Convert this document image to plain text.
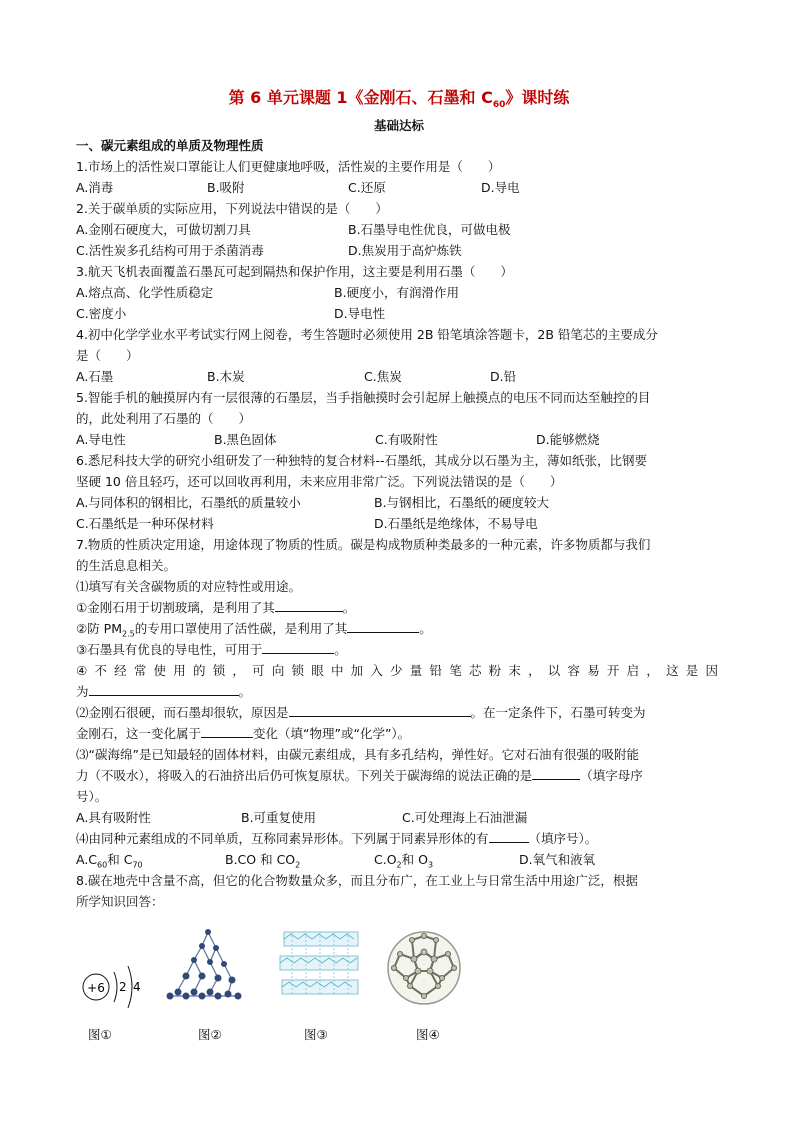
第 6 单元课题 1《金刚石、石墨和 $C_{60}$》课时练
基础达标
一、碳元素组成的单质及物理性质
1.市场上的活性炭口罩能让人们更健康地呼吸，活性炭的主要作用是（　　）
A.消毒	B.吸附	C.还原	D.导电
2.关于碳单质的实际应用，下列说法中错误的是（　　）
A.金刚石硬度大，可做切割刀具	B.石墨导电性优良，可做电极
C.活性炭多孔结构可用于杀菌消毒	D.焦炭用于高炉炼铁
3.航天飞机表面覆盖石墨瓦可起到隔热和保护作用，这主要是利用石墨（　　）
A.熔点高、化学性质稳定	B.硬度小，有润滑作用
C.密度小	D.导电性
4.初中化学学业水平考试实行网上阅卷，考生答题时必须使用 2B 铅笔填涂答题卡，2B 铅笔芯的主要成分
是（　　）
A.石墨	B.木炭	C.焦炭	D.铅
5.智能手机的触摸屏内有一层很薄的石墨层，当手指触摸时会引起屏上触摸点的电压不同而达至触控的目
的，此处利用了石墨的（　　）
A.导电性	B.黑色固体	C.有吸附性	D.能够燃烧
6.悉尼科技大学的研究小组研发了一种独特的复合材料--石墨纸，其成分以石墨为主，薄如纸张，比钢要
坚硬 10 倍且轻巧，还可以回收再利用，未来应用非常广泛。下列说法错误的是（　　）
A.与同体积的钢相比，石墨纸的质量较小	B.与钢相比，石墨纸的硬度较大
C.石墨纸是一种环保材料	D.石墨纸是绝缘体，不易导电
7.物质的性质决定用途，用途体现了物质的性质。碳是构成物质种类最多的一种元素，许多物质都与我们
的生活息息相关。
⑴填写有关含碳物质的对应特性或用途。
①金刚石用于切割玻璃，是利用了其	。
②防 $PM_{2.5}$的专用口罩使用了活性碳，是利用了其	。
③石墨具有优良的导电性，可用于	。
④不经常使用的锁，可向锁眼中加入少量铅笔芯粉末，以容易开启，这是因
为	。
⑵金刚石很硬，而石墨却很软，原因是	。在一定条件下，石墨可转变为
金刚石，这一变化属于	变化（填“物理”或“化学”）。
⑶“碳海绵”是已知最轻的固体材料，由碳元素组成，具有多孔结构，弹性好。它对石油有很强的吸附能
力（不吸水），将吸入的石油挤出后仍可恢复原状。下列关于碳海绵的说法正确的是	（填字母序
号）。
A.具有吸附性	B.可重复使用	C.可处理海上石油泄漏
⑷由同种元素组成的不同单质，互称同素异形体。下列属于同素异形体的有	（填序号）。
$A.C_{60}$和 $C_{70}$	B.CO 和 $CO_2$	$C.O_2$和 $O_3$	D.氧气和液氧
8.碳在地壳中含量不高，但它的化合物数量众多，而且分布广，在工业上与日常生活中用途广泛，根据
所学知识回答：
+6 2 4
图①	图②	图③	图④
